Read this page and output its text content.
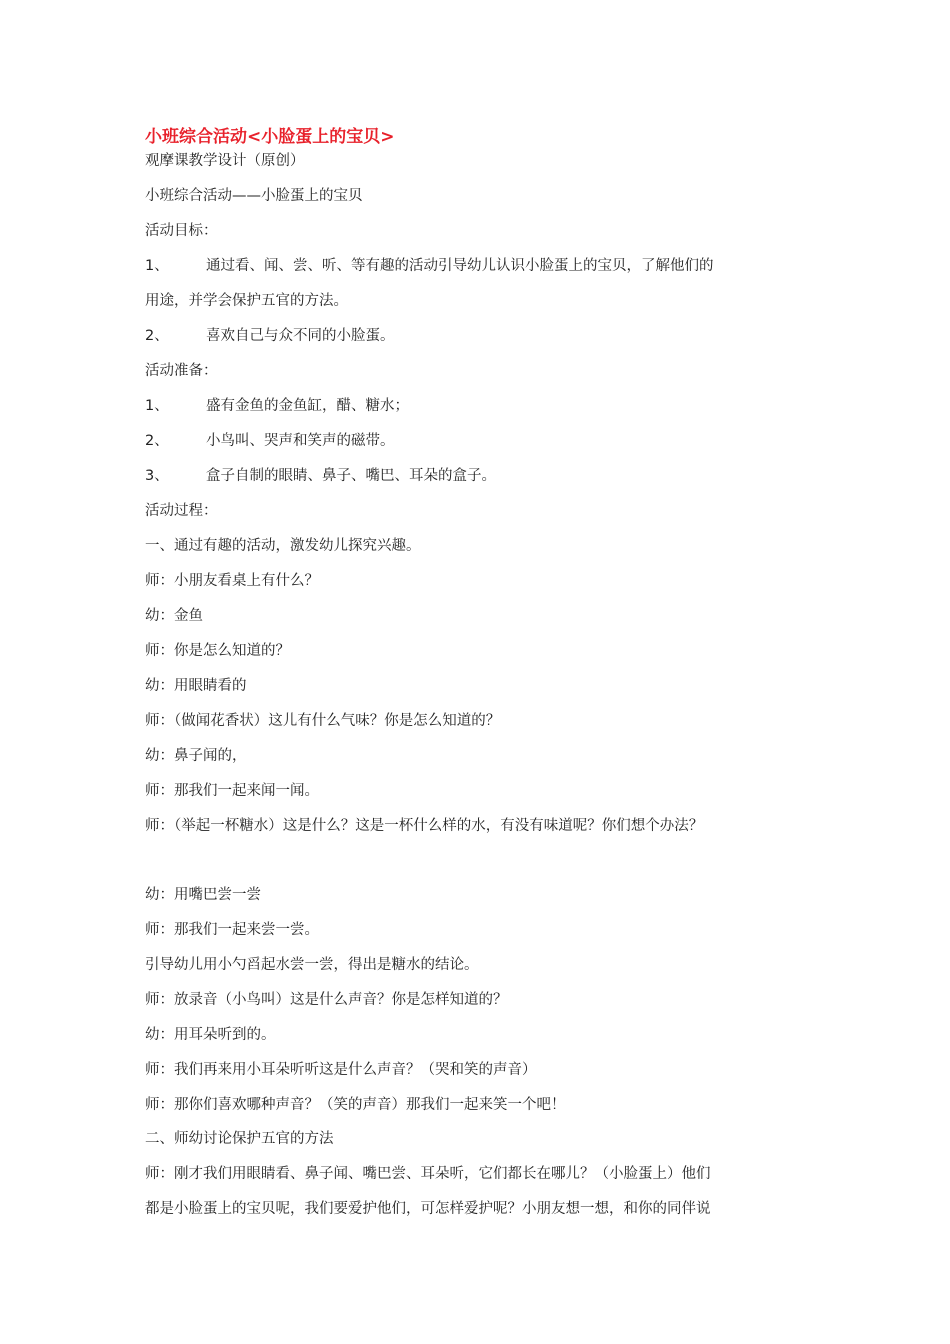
小班综合活动<小脸蛋上的宝贝>
观摩课教学设计（原创）
小班综合活动——小脸蛋上的宝贝
活动目标：
1、	通过看、闻、尝、听、等有趣的活动引导幼儿认识小脸蛋上的宝贝，了解他们的
用途，并学会保护五官的方法。
2、	喜欢自己与众不同的小脸蛋。
活动准备：
1、	盛有金鱼的金鱼缸，醋、糖水；
2、	小鸟叫、哭声和笑声的磁带。
3、	盒子自制的眼睛、鼻子、嘴巴、耳朵的盒子。
活动过程：
一、通过有趣的活动，激发幼儿探究兴趣。
师：小朋友看桌上有什么？
幼：金鱼
师：你是怎么知道的？
幼：用眼睛看的
师：（做闻花香状）这儿有什么气味？你是怎么知道的？
幼：鼻子闻的，
师：那我们一起来闻一闻。
师：（举起一杯糖水）这是什么？这是一杯什么样的水，有没有味道呢？你们想个办法？
幼：用嘴巴尝一尝
师：那我们一起来尝一尝。
引导幼儿用小勺舀起水尝一尝，得出是糖水的结论。
师：放录音（小鸟叫）这是什么声音？你是怎样知道的？
幼：用耳朵听到的。
师：我们再来用小耳朵听听这是什么声音？（哭和笑的声音）
师：那你们喜欢哪种声音？（笑的声音）那我们一起来笑一个吧！
二、师幼讨论保护五官的方法
师：刚才我们用眼睛看、鼻子闻、嘴巴尝、耳朵听，它们都长在哪儿？（小脸蛋上）他们
都是小脸蛋上的宝贝呢，我们要爱护他们，可怎样爱护呢？小朋友想一想，和你的同伴说
